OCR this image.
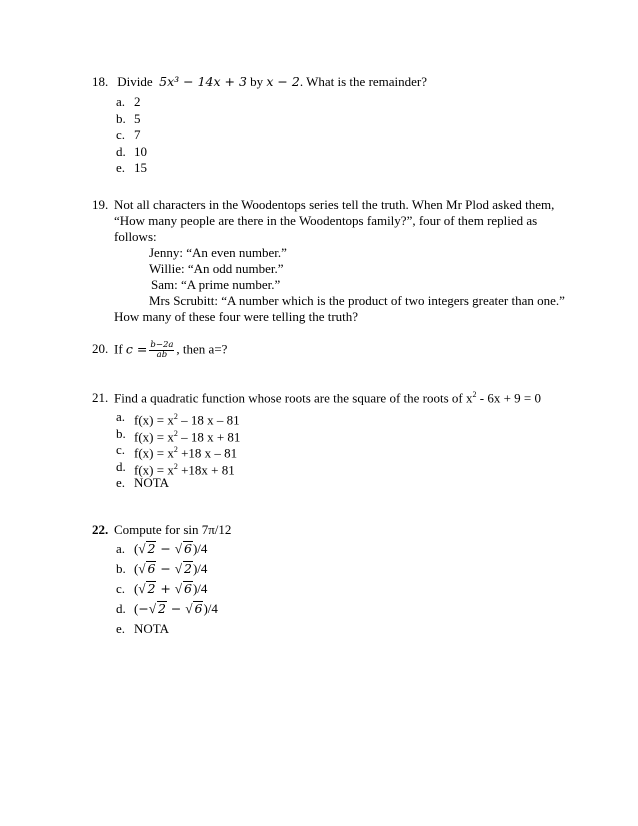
18. Divide 5x³ − 14x + 3 by x − 2. What is the remainder?
a. 2
b. 5
c. 7
d. 10
e. 15
19. Not all characters in the Woodentops series tell the truth. When Mr Plod asked them,
“How many people are there in the Woodentops family?”, four of them replied as
follows:
Jenny: “An even number.”
Willie: “An odd number.”
Sam: “A prime number.”
Mrs Scrubitt: “A number which is the product of two integers greater than one.”
How many of these four were telling the truth?
20. If $c = \frac{b-2a}{ab}$ , then a=?
21. Find a quadratic function whose roots are the square of the roots of $x^2 - 6x + 9 = 0$
a. $f(x) = x^2 - 18$ x – 81
b. $f(x) = x^2 - 18$ x + 81
c. $f(x) = x^2 +18$ x – 81
d. $f(x) = x^2 +18x + 81$
e. NOTA
22. Compute for sin 7π/12
a. (√ 2 − √ 6)/4
b. (√ 6 − √ 2)/4
c. (√ 2 + √ 6)/4
d. (−√ 2 − √ 6)/4
e. NOTA
